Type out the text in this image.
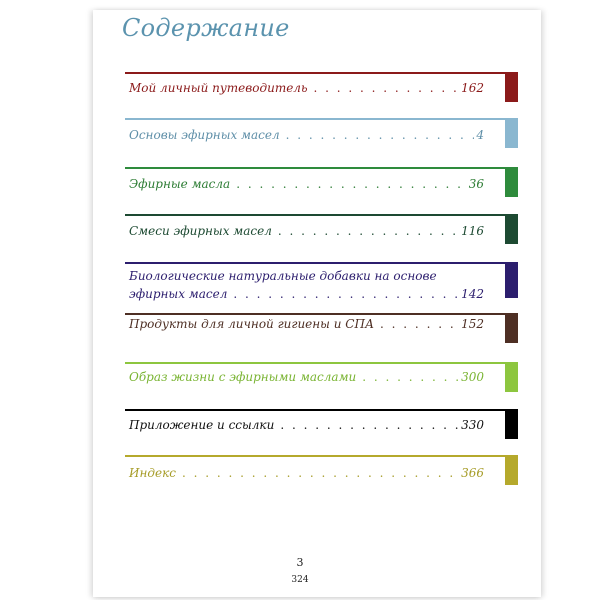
Содержание
Мой личный путеводитель . . .	162
Основы эфирных масел . . .	4
Эфирные масла . . .	36
Смеси эфирных масел . . .	116
Биологические натуральные добавки на основе
эфирных масел . . .	142
Продукты для личной гигиены и СПА . . .	152
Образ жизни с эфирными маслами . . .	300
Приложение и ссылки . . .	330
Индекс . . .	366
3
324
